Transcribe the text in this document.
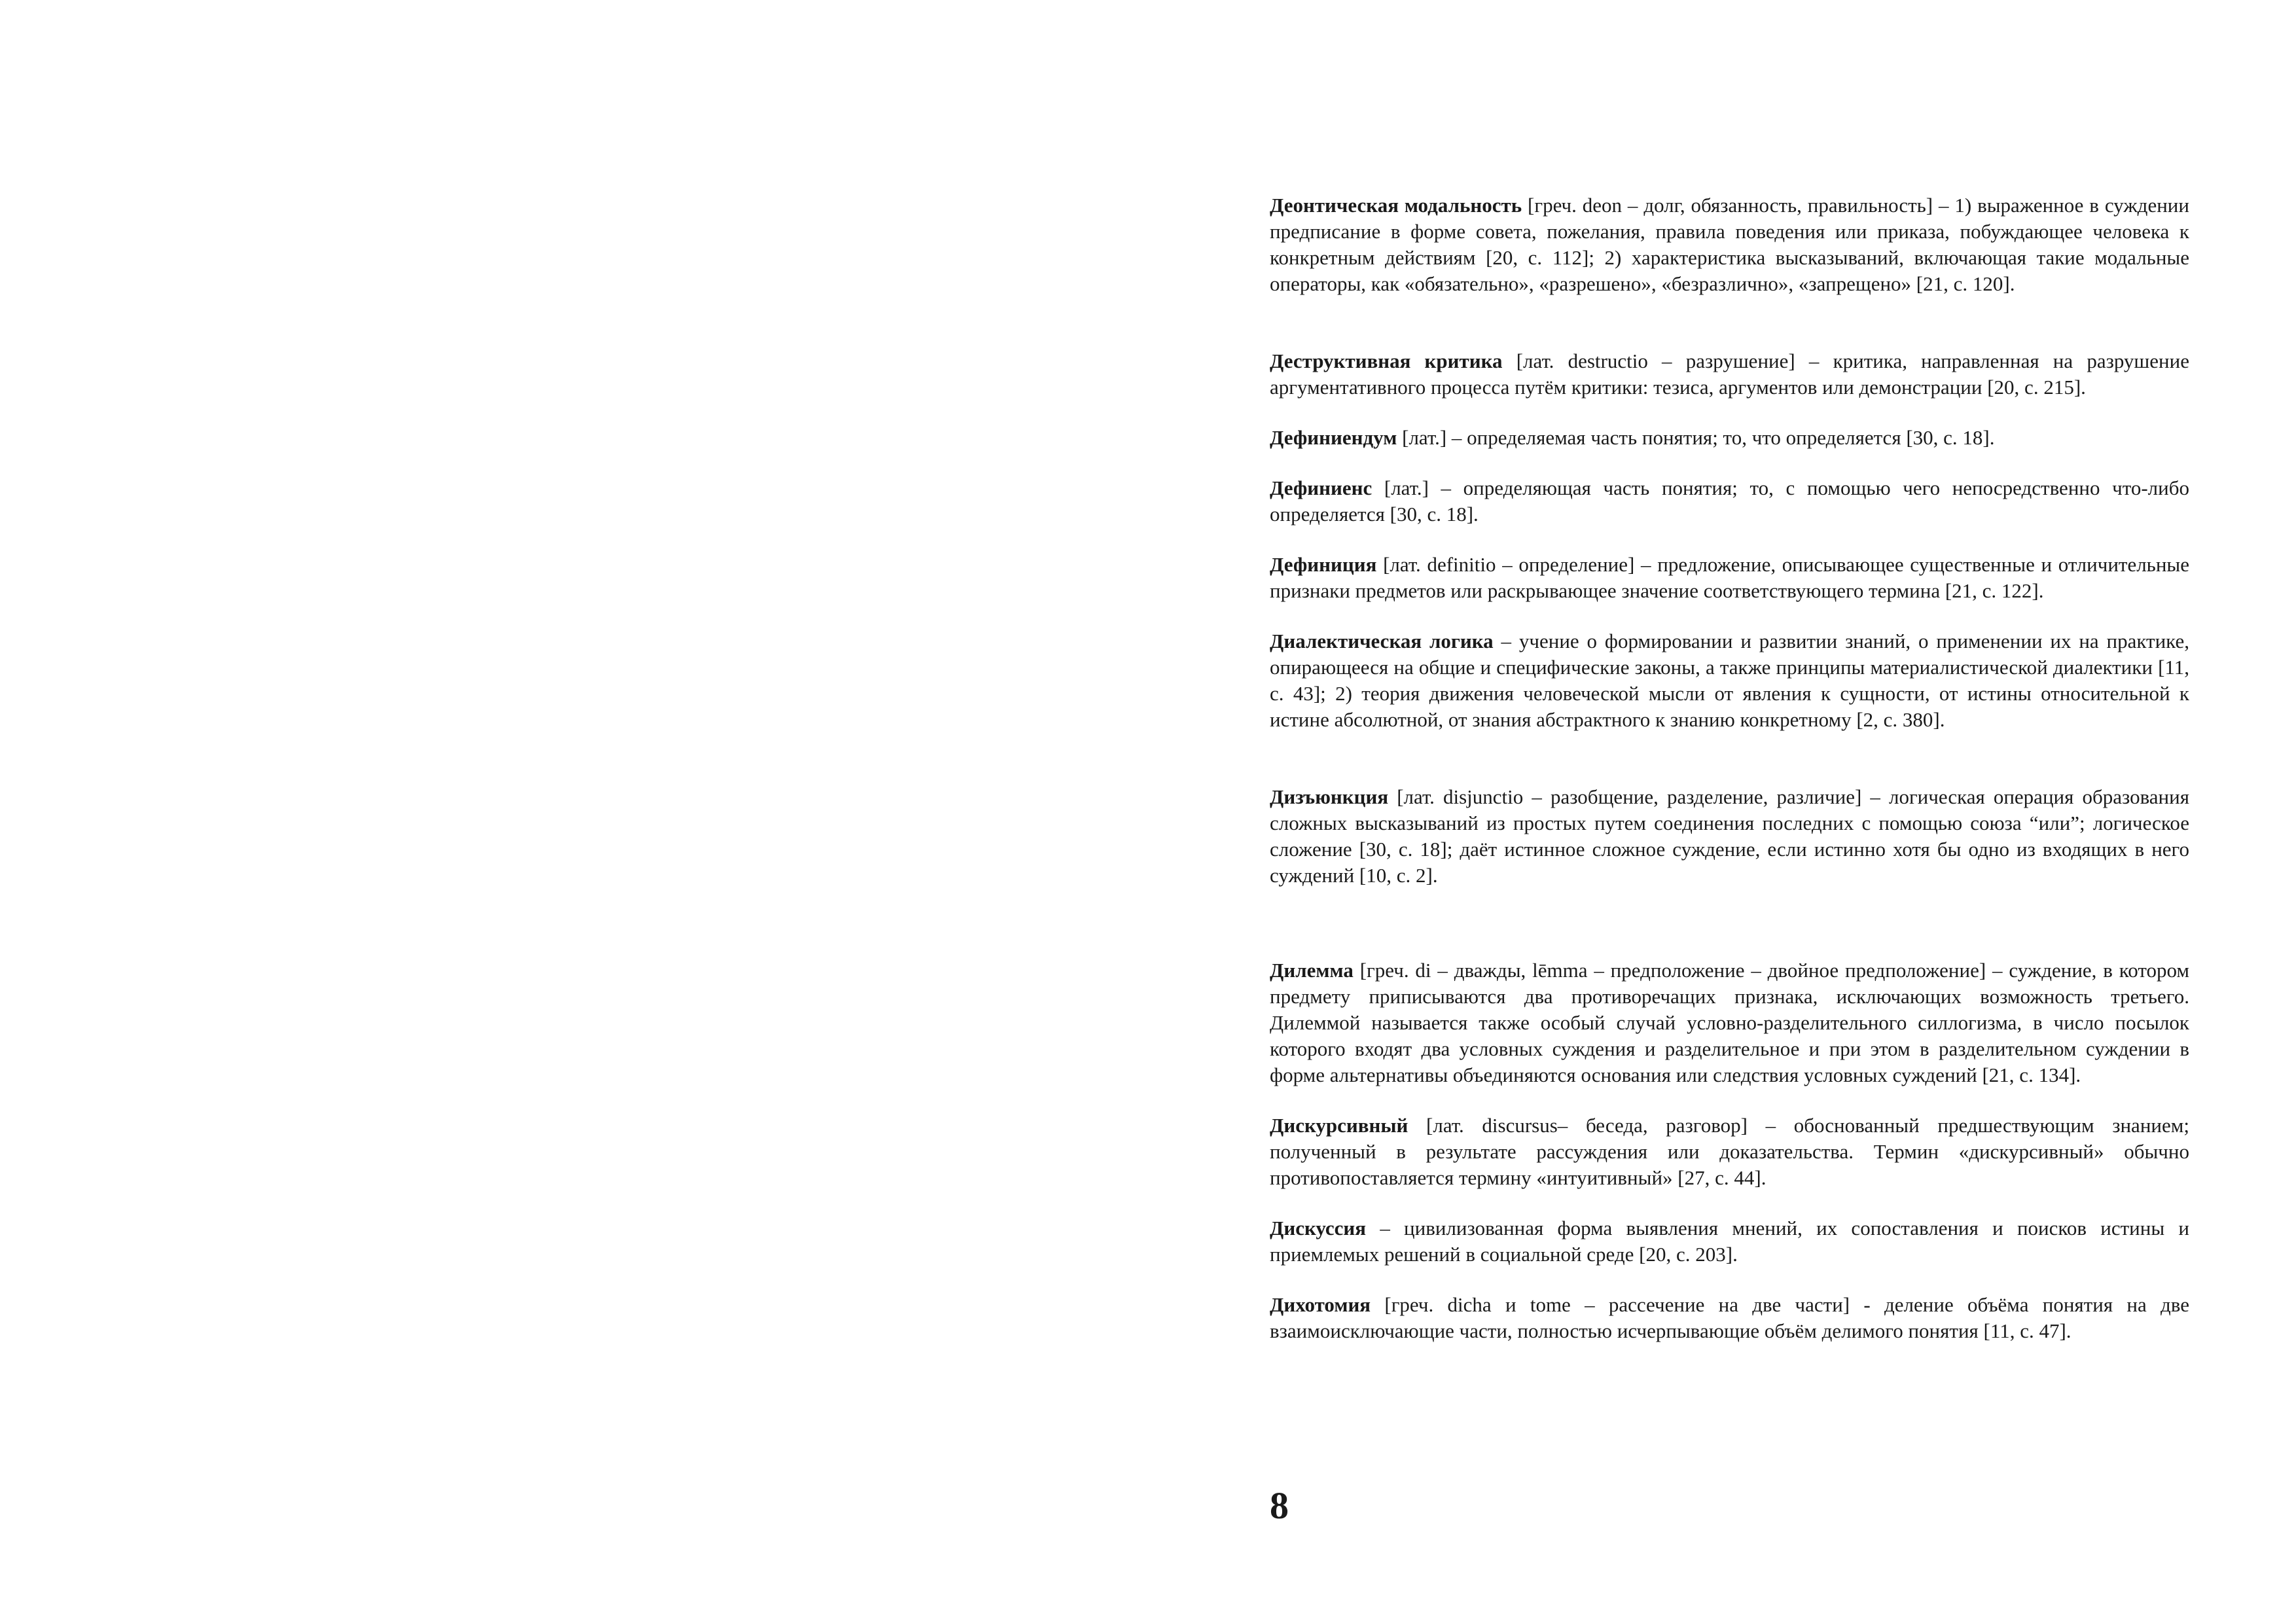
Деонтическая модальность [греч. deon – долг, обязанность, правильность] – 1) выраженное в суждении предписание в форме совета, пожелания, правила поведения или приказа, побуждающее человека к конкретным действиям [20, с. 112]; 2) характеристика высказываний, включающая такие модальные операторы, как «обязательно», «разрешено», «безразлично», «запрещено» [21, с. 120].

Деструктивная критика [лат. destructio – разрушение] – критика, направленная на разрушение аргументативного процесса путём критики: тезиса, аргументов или демонстрации [20, с. 215].

Дефиниендум [лат.] – определяемая часть понятия; то, что определяется [30, с. 18].

Дефиниенс [лат.] – определяющая часть понятия; то, с помощью чего непосредственно что-либо определяется [30, с. 18].

Дефиниция [лат. definitio – определение] – предложение, описывающее существенные и отличительные признаки предметов или раскрывающее значение соответствующего термина [21, с. 122].

Диалектическая логика – учение о формировании и развитии знаний, о применении их на практике, опирающееся на общие и специфические законы, а также принципы материалистической диалектики [11, с. 43]; 2) теория движения человеческой мысли от явления к сущности, от истины относительной к истине абсолютной, от знания абстрактного к знанию конкретному [2, с. 380].

Дизъюнкция [лат. disjunctio – разобщение, разделение, различие] – логическая операция образования сложных высказываний из простых путем соединения последних с помощью союза “или”; логическое сложение [30, с. 18]; даёт истинное сложное суждение, если истинно хотя бы одно из входящих в него суждений [10, с. 2].

Дилемма [греч. di – дважды, lēmma – предположение – двойное предположение] – суждение, в котором предмету приписываются два противоречащих признака, исключающих возможность третьего. Дилеммой называется также особый случай условно-разделительного силлогизма, в число посылок которого входят два условных суждения и разделительное и при этом в разделительном суждении в форме альтернативы объединяются основания или следствия условных суждений [21, с. 134].

Дискурсивный [лат. discursus– беседа, разговор] – обоснованный предшествующим знанием; полученный в результате рассуждения или доказательства. Термин «дискурсивный» обычно противопоставляется термину «интуитивный» [27, с. 44].

Дискуссия – цивилизованная форма выявления мнений, их сопоставления и поисков истины и приемлемых решений в социальной среде [20, с. 203].

Дихотомия [греч. dicha и tome – рассечение на две части] - деление объёма понятия на две взаимоисключающие части, полностью исчерпывающие объём делимого понятия [11, с. 47].

8
